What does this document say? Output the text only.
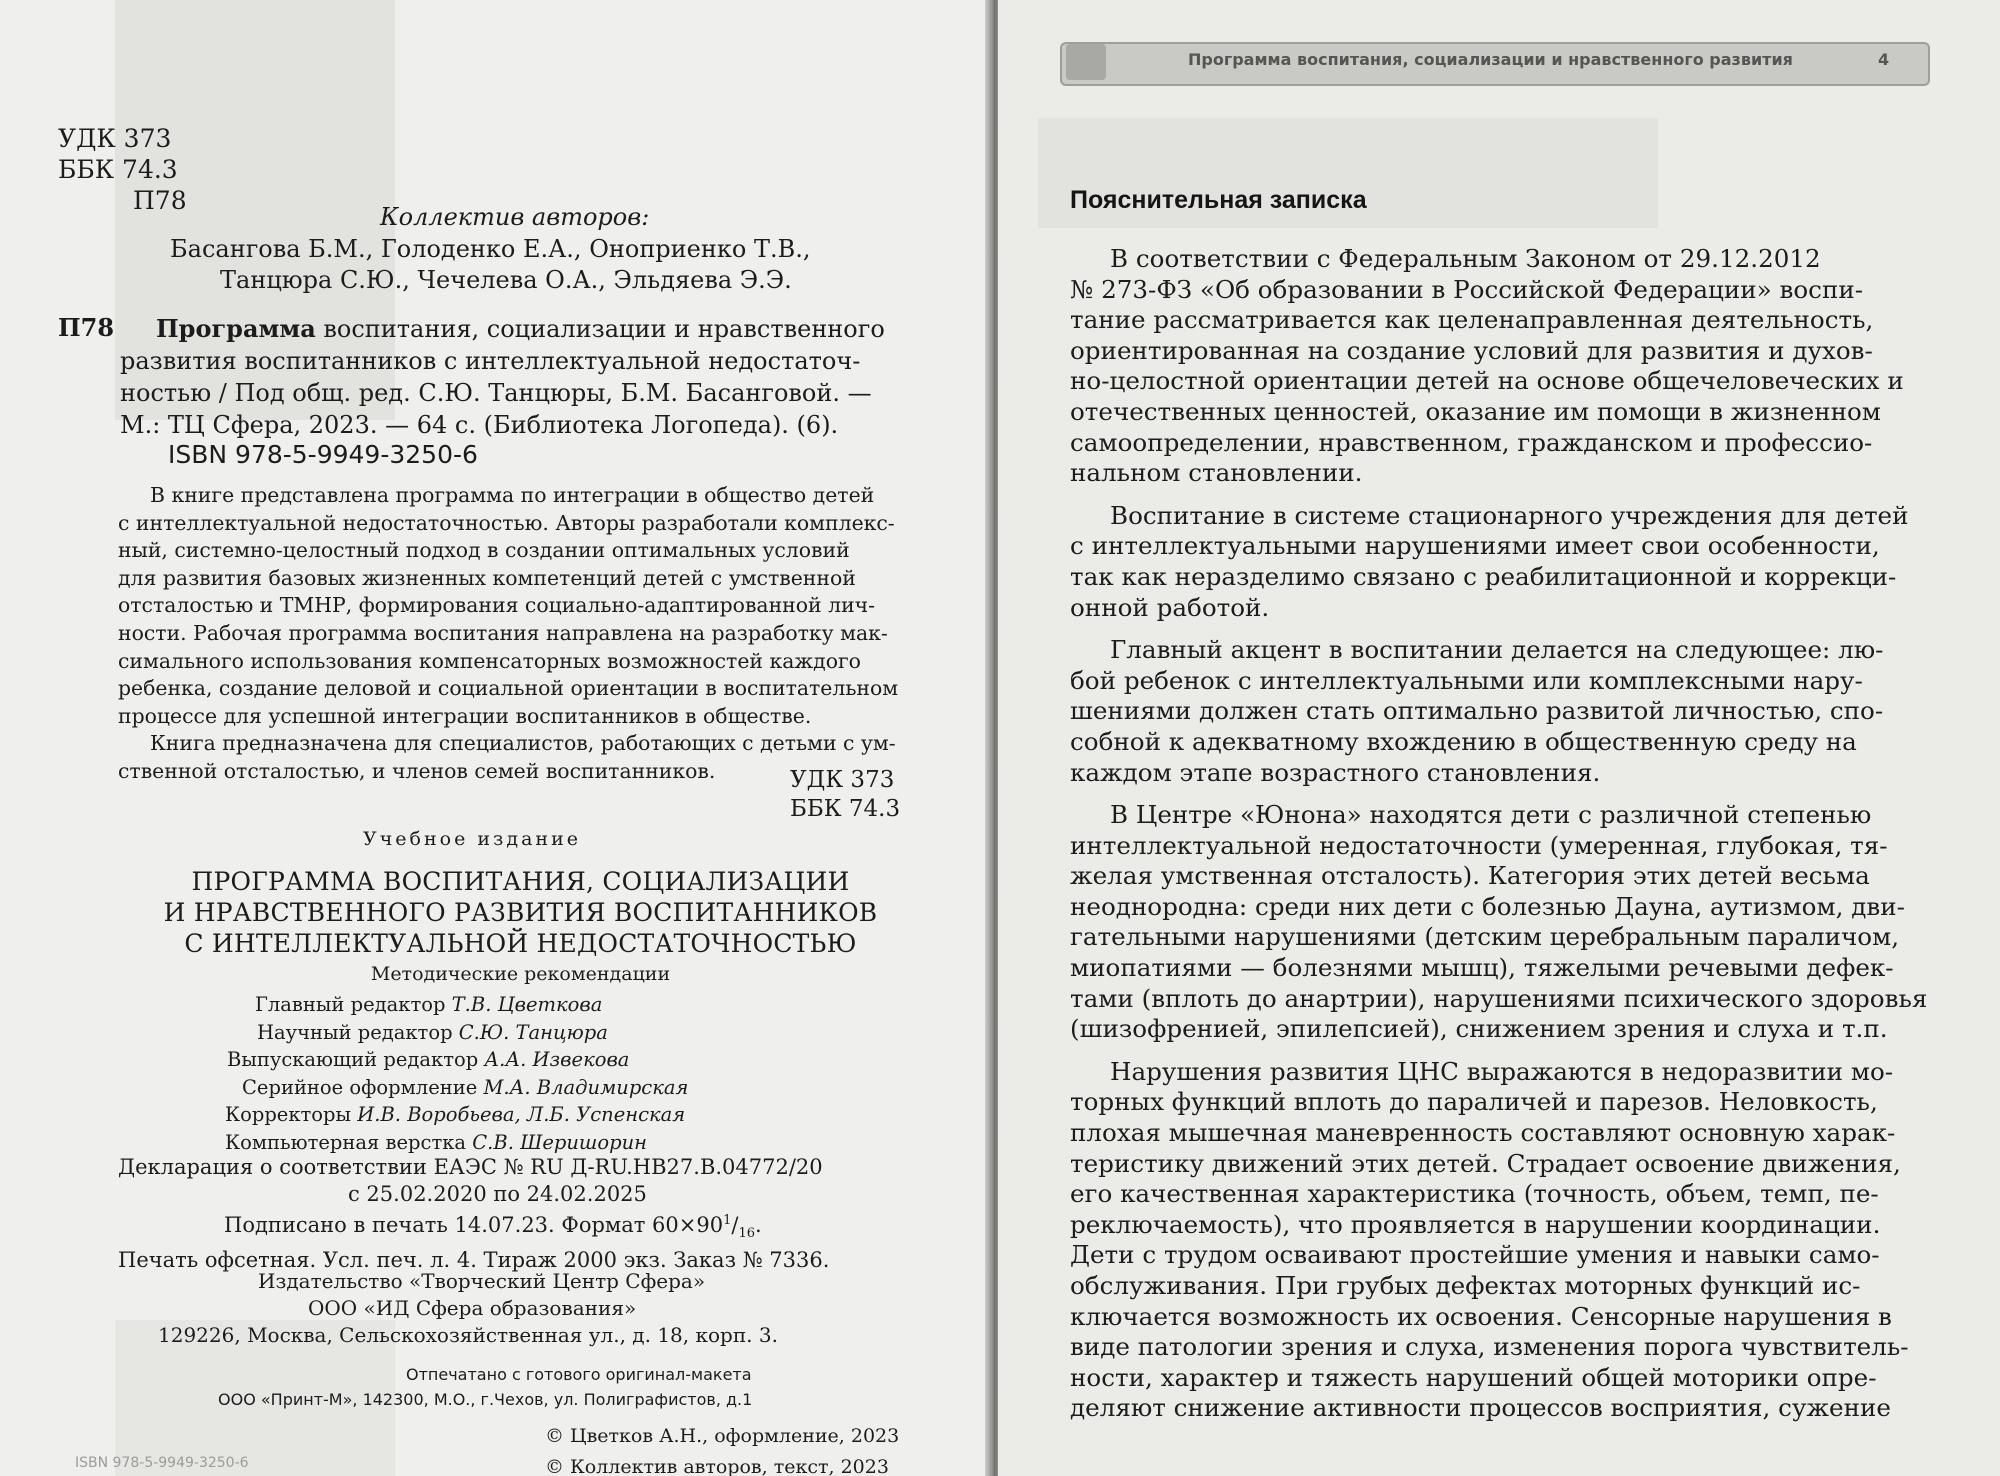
УДК 373
ББК 74.3
П78
Коллектив авторов:
Басангова Б.М., Голоденко Е.А., Оноприенко Т.В.,
Танцюра С.Ю., Чечелева О.А., Эльдяева Э.Э.
П78 Программа воспитания, социализации и нравственного
развития воспитанников с интеллектуальной недостаточ-
ностью / Под общ. ред. С.Ю. Танцюры, Б.М. Басанговой. —
М.: ТЦ Сфера, 2023. — 64 с. (Библиотека Логопеда). (6).
ISBN 978-5-9949-3250-6
В книге представлена программа по интеграции в общество детей
с интеллектуальной недостаточностью. Авторы разработали комплекс-
ный, системно-целостный подход в создании оптимальных условий
для развития базовых жизненных компетенций детей с умственной
отсталостью и ТМНР, формирования социально-адаптированной лич-
ности. Рабочая программа воспитания направлена на разработку мак-
симального использования компенсаторных возможностей каждого
ребенка, создание деловой и социальной ориентации в воспитательном
процессе для успешной интеграции воспитанников в обществе.
Книга предназначена для специалистов, работающих с детьми с ум-
ственной отсталостью, и членов семей воспитанников.	УДК 373
ББК 74.3
Учебное издание
ПРОГРАММА ВОСПИТАНИЯ, СОЦИАЛИЗАЦИИ
И НРАВСТВЕННОГО РАЗВИТИЯ ВОСПИТАННИКОВ
С ИНТЕЛЛЕКТУАЛЬНОЙ НЕДОСТАТОЧНОСТЬЮ
Методические рекомендации
Главный редактор Т.В. Цветкова
Научный редактор С.Ю. Танцюра
Выпускающий редактор А.А. Извекова
Серийное оформление М.А. Владимирская
Корректоры И.В. Воробьева, Л.Б. Успенская
Компьютерная верстка С.В. Шеришорин
Декларация о соответствии ЕАЭС № RU Д-RU.HB27.B.04772/20
с 25.02.2020 по 24.02.2025
Подписано в печать 14.07.23. Формат $60\times 90^1/_{16}$.
Печать офсетная. Усл. печ. л. 4. Тираж 2000 экз. Заказ № 7336.
Издательство «Творческий Центр Сфера»
ООО «ИД Сфера образования»
129226, Москва, Сельскохозяйственная ул., д. 18, корп. 3.
Отпечатано с готового оригинал-макета
ООО «Принт-М», 142300, М.О., г.Чехов, ул. Полиграфистов, д.1
© Цветков А.Н., оформление, 2023
© Коллектив авторов, текст, 2023
ISBN 978-5-9949-3250-6
Программа воспитания, социализации и нравственного развития	4
Пояснительная записка
В соответствии с Федеральным Законом от 29.12.2012
№ 273-ФЗ «Об образовании в Российской Федерации» воспи-
тание рассматривается как целенаправленная деятельность,
ориентированная на создание условий для развития и духов-
но-целостной ориентации детей на основе общечеловеческих и
отечественных ценностей, оказание им помощи в жизненном
самоопределении, нравственном, гражданском и профессио-
нальном становлении.
Воспитание в системе стационарного учреждения для детей
с интеллектуальными нарушениями имеет свои особенности,
так как неразделимо связано с реабилитационной и коррекци-
онной работой.
Главный акцент в воспитании делается на следующее: лю-
бой ребенок с интеллектуальными или комплексными нару-
шениями должен стать оптимально развитой личностью, спо-
собной к адекватному вхождению в общественную среду на
каждом этапе возрастного становления.
В Центре «Юнона» находятся дети с различной степенью
интеллектуальной недостаточности (умеренная, глубокая, тя-
желая умственная отсталость). Категория этих детей весьма
неоднородна: среди них дети с болезнью Дауна, аутизмом, дви-
гательными нарушениями (детским церебральным параличом,
миопатиями — болезнями мышц), тяжелыми речевыми дефек-
тами (вплоть до анартрии), нарушениями психического здоровья
(шизофренией, эпилепсией), снижением зрения и слуха и т.п.
Нарушения развития ЦНС выражаются в недоразвитии мо-
торных функций вплоть до параличей и парезов. Неловкость,
плохая мышечная маневренность составляют основную харак-
теристику движений этих детей. Страдает освоение движения,
его качественная характеристика (точность, объем, темп, пе-
реключаемость), что проявляется в нарушении координации.
Дети с трудом осваивают простейшие умения и навыки само-
обслуживания. При грубых дефектах моторных функций ис-
ключается возможность их освоения. Сенсорные нарушения в
виде патологии зрения и слуха, изменения порога чувствитель-
ности, характер и тяжесть нарушений общей моторики опре-
деляют снижение активности процессов восприятия, сужение
